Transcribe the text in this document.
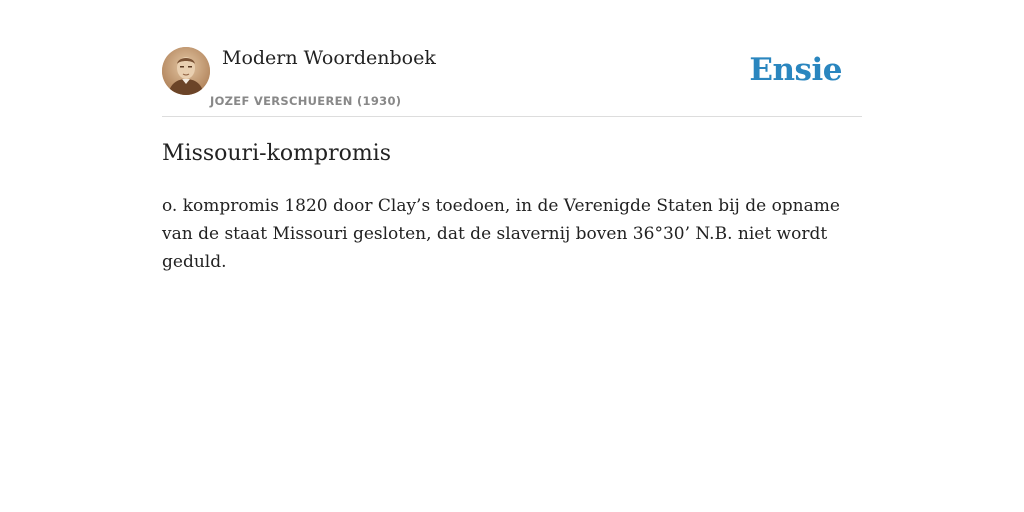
Modern Woordenboek
JOZEF VERSCHUEREN (1930)
Ensie
Missouri-kompromis

o. kompromis 1820 door Clay’s toedoen, in de Verenigde Staten bij de opname van de staat Missouri gesloten, dat de slavernij boven 36°30’ N.B. niet wordt geduld.
